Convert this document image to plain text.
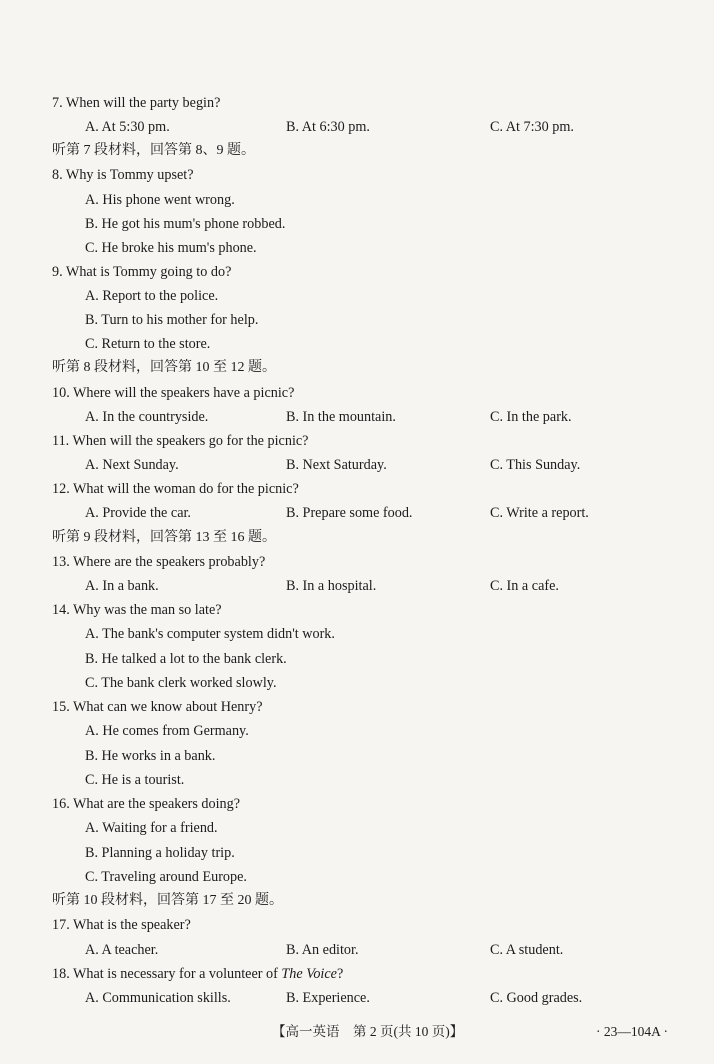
7. When will the party begin?
A. At 5:30 pm.	B. At 6:30 pm.	C. At 7:30 pm.
听第 7 段材料，回答第 8、9 题。
8. Why is Tommy upset?
A. His phone went wrong.
B. He got his mum's phone robbed.
C. He broke his mum's phone.
9. What is Tommy going to do?
A. Report to the police.
B. Turn to his mother for help.
C. Return to the store.
听第 8 段材料，回答第 10 至 12 题。
10. Where will the speakers have a picnic?
A. In the countryside.	B. In the mountain.	C. In the park.
11. When will the speakers go for the picnic?
A. Next Sunday.	B. Next Saturday.	C. This Sunday.
12. What will the woman do for the picnic?
A. Provide the car.	B. Prepare some food.	C. Write a report.
听第 9 段材料，回答第 13 至 16 题。
13. Where are the speakers probably?
A. In a bank.	B. In a hospital.	C. In a cafe.
14. Why was the man so late?
A. The bank's computer system didn't work.
B. He talked a lot to the bank clerk.
C. The bank clerk worked slowly.
15. What can we know about Henry?
A. He comes from Germany.
B. He works in a bank.
C. He is a tourist.
16. What are the speakers doing?
A. Waiting for a friend.
B. Planning a holiday trip.
C. Traveling around Europe.
听第 10 段材料，回答第 17 至 20 题。
17. What is the speaker?
A. A teacher.	B. An editor.	C. A student.
18. What is necessary for a volunteer of The Voice?
A. Communication skills.	B. Experience.	C. Good grades.
【高一英语　第 2 页(共 10 页)】	· 23—104A ·
